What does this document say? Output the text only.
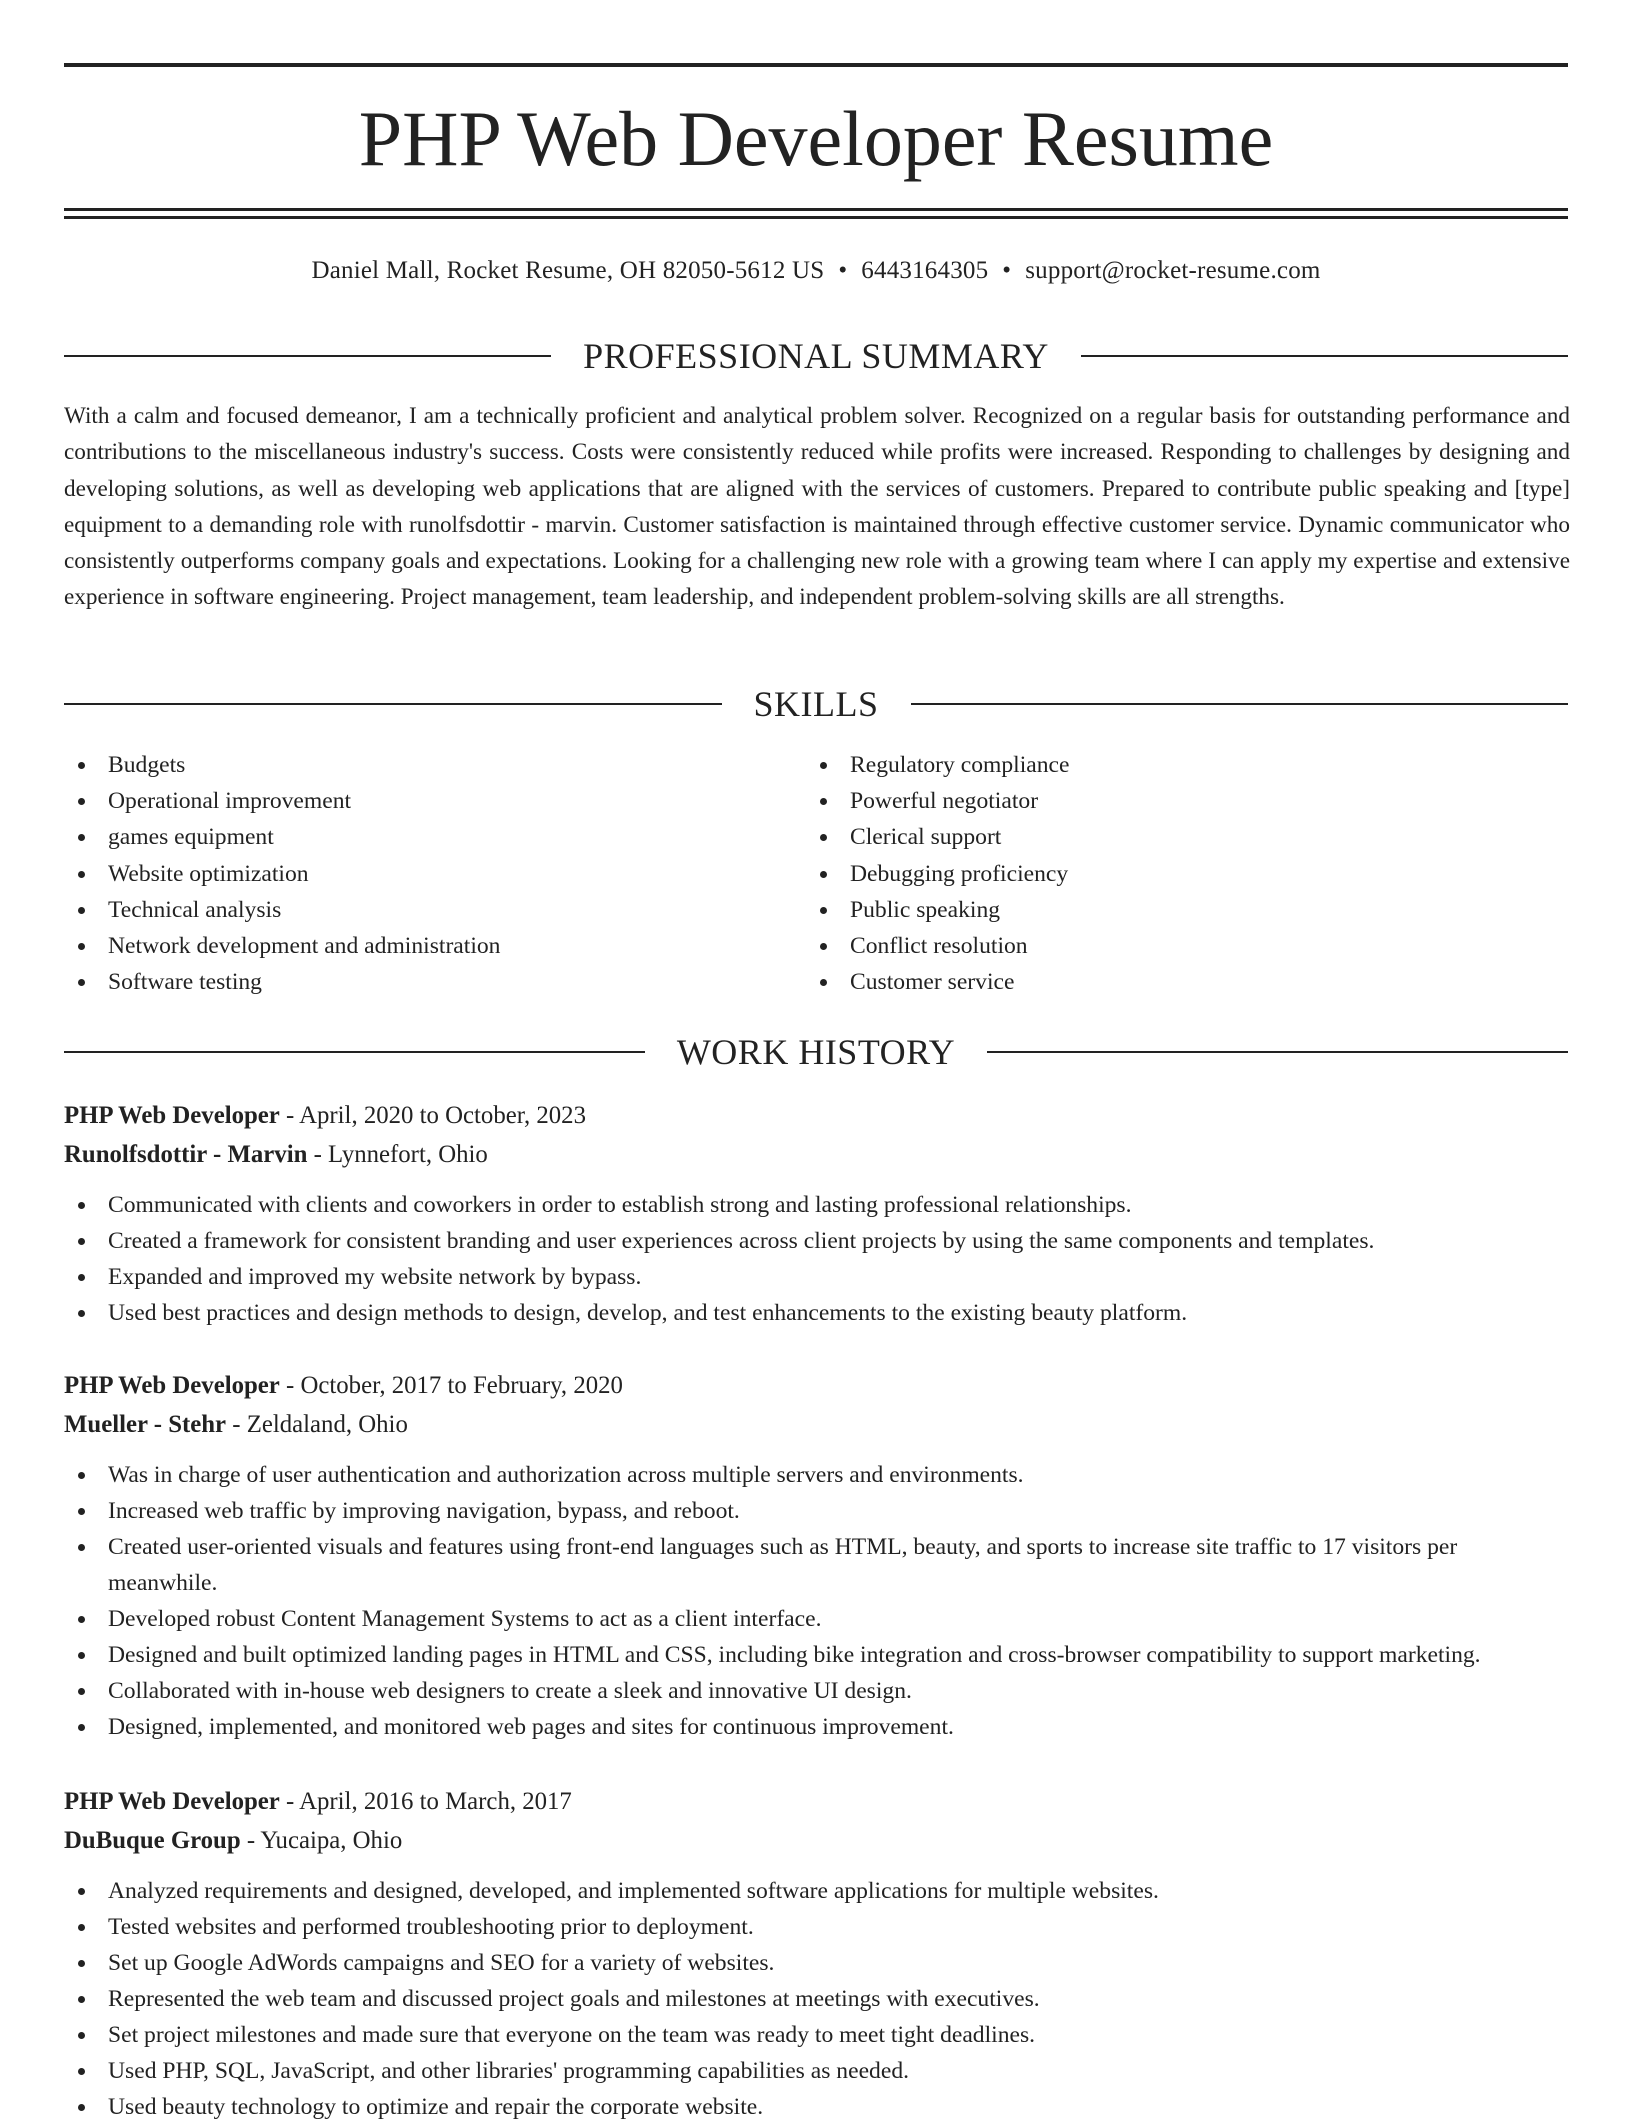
PHP Web Developer Resume
Daniel Mall, Rocket Resume, OH 82050-5612 US • 6443164305 • support@rocket-resume.com
PROFESSIONAL SUMMARY

With a calm and focused demeanor, I am a technically proficient and analytical problem solver. Recognized on a regular basis for outstanding performance and contributions to the miscellaneous industry's success. Costs were consistently reduced while profits were increased. Responding to challenges by designing and developing solutions, as well as developing web applications that are aligned with the services of customers. Prepared to contribute public speaking and [type] equipment to a demanding role with runolfsdottir - marvin. Customer satisfaction is maintained through effective customer service. Dynamic communicator who consistently outperforms company goals and expectations. Looking for a challenging new role with a growing team where I can apply my expertise and extensive experience in software engineering. Project management, team leadership, and independent problem-solving skills are all strengths.

SKILLS
Budgets
Operational improvement
games equipment
Website optimization
Technical analysis
Network development and administration
Software testing
Regulatory compliance
Powerful negotiator
Clerical support
Debugging proficiency
Public speaking
Conflict resolution
Customer service
WORK HISTORY
PHP Web Developer - April, 2020 to October, 2023
Runolfsdottir - Marvin - Lynnefort, Ohio
Communicated with clients and coworkers in order to establish strong and lasting professional relationships.
Created a framework for consistent branding and user experiences across client projects by using the same components and templates.
Expanded and improved my website network by bypass.
Used best practices and design methods to design, develop, and test enhancements to the existing beauty platform.
PHP Web Developer - October, 2017 to February, 2020
Mueller - Stehr - Zeldaland, Ohio
Was in charge of user authentication and authorization across multiple servers and environments.
Increased web traffic by improving navigation, bypass, and reboot.
Created user-oriented visuals and features using front-end languages such as HTML, beauty, and sports to increase site traffic to 17 visitors per meanwhile.
Developed robust Content Management Systems to act as a client interface.
Designed and built optimized landing pages in HTML and CSS, including bike integration and cross-browser compatibility to support marketing.
Collaborated with in-house web designers to create a sleek and innovative UI design.
Designed, implemented, and monitored web pages and sites for continuous improvement.
PHP Web Developer - April, 2016 to March, 2017
DuBuque Group - Yucaipa, Ohio
Analyzed requirements and designed, developed, and implemented software applications for multiple websites.
Tested websites and performed troubleshooting prior to deployment.
Set up Google AdWords campaigns and SEO for a variety of websites.
Represented the web team and discussed project goals and milestones at meetings with executives.
Set project milestones and made sure that everyone on the team was ready to meet tight deadlines.
Used PHP, SQL, JavaScript, and other libraries' programming capabilities as needed.
Used beauty technology to optimize and repair the corporate website.
